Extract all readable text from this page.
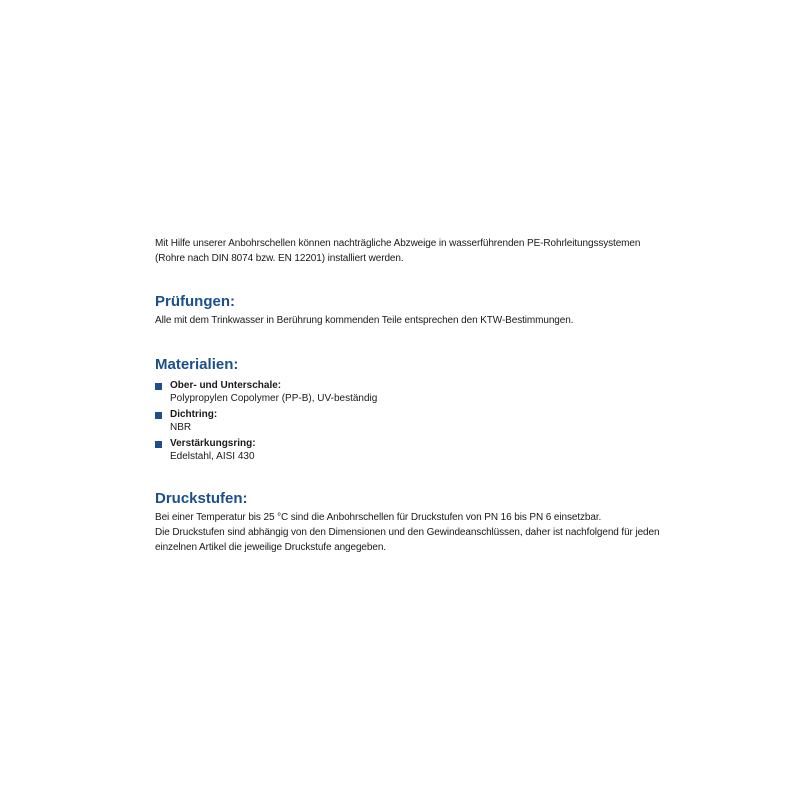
Mit Hilfe unserer Anbohrschellen können nachträgliche Abzweige in wasserführenden PE-Rohrleitungssystemen
(Rohre nach DIN 8074 bzw. EN 12201) installiert werden.

Prüfungen:

Alle mit dem Trinkwasser in Berührung kommenden Teile entsprechen den KTW-Bestimmungen.

Materialien:
Ober- und Unterschale:
Polypropylen Copolymer (PP-B), UV-beständig
Dichtring:
NBR
Verstärkungsring:
Edelstahl, AISI 430
Druckstufen:

Bei einer Temperatur bis 25 °C sind die Anbohrschellen für Druckstufen von PN 16 bis PN 6 einsetzbar.
Die Druckstufen sind abhängig von den Dimensionen und den Gewindeanschlüssen, daher ist nachfolgend für jeden
einzelnen Artikel die jeweilige Druckstufe angegeben.
